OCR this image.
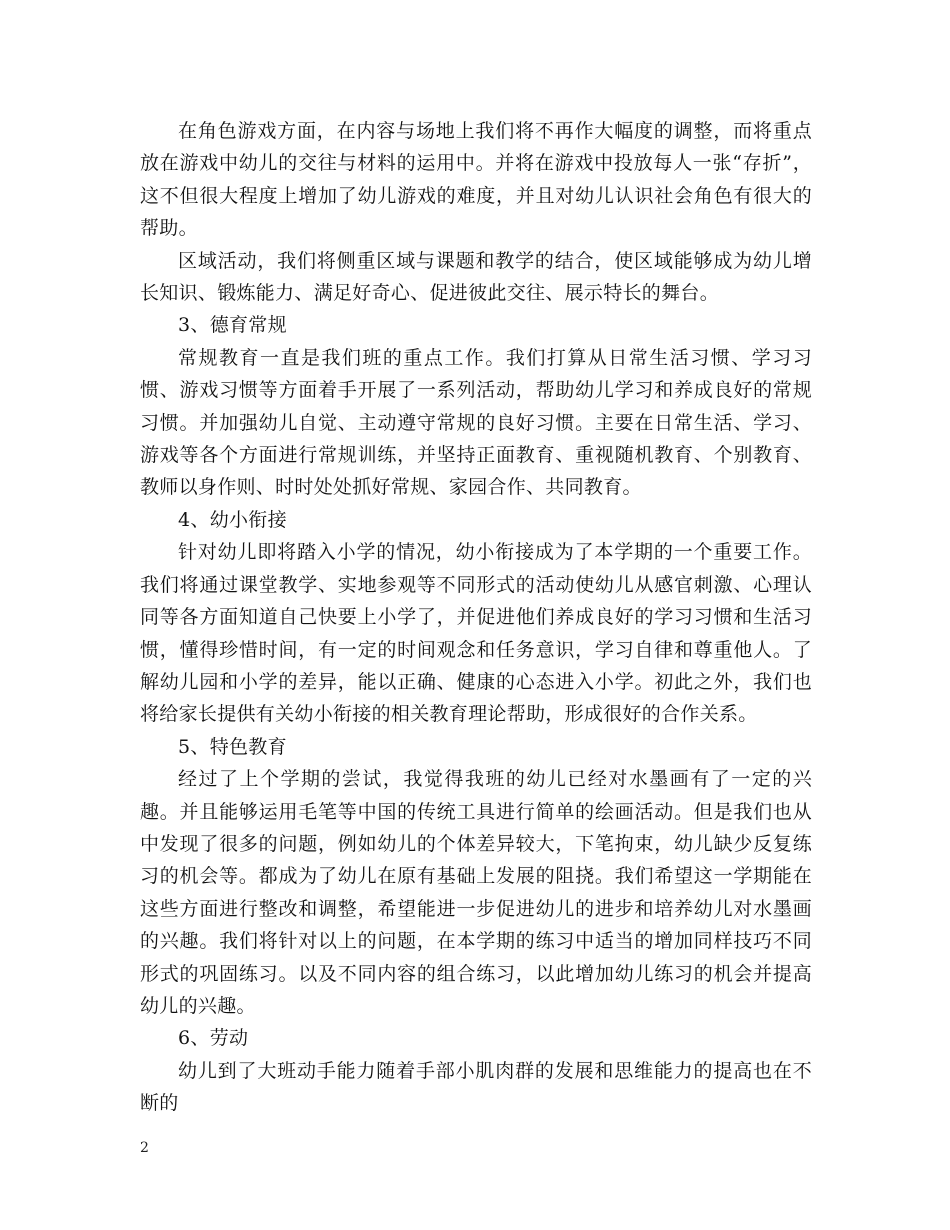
在角色游戏方面，在内容与场地上我们将不再作大幅度的调整，而将重点放在游戏中幼儿的交往与材料的运用中。并将在游戏中投放每人一张“存折”，这不但很大程度上增加了幼儿游戏的难度，并且对幼儿认识社会角色有很大的帮助。

区域活动，我们将侧重区域与课题和教学的结合，使区域能够成为幼儿增长知识、锻炼能力、满足好奇心、促进彼此交往、展示特长的舞台。

3、德育常规

常规教育一直是我们班的重点工作。我们打算从日常生活习惯、学习习惯、游戏习惯等方面着手开展了一系列活动，帮助幼儿学习和养成良好的常规习惯。并加强幼儿自觉、主动遵守常规的良好习惯。主要在日常生活、学习、游戏等各个方面进行常规训练，并坚持正面教育、重视随机教育、个别教育、教师以身作则、时时处处抓好常规、家园合作、共同教育。

4、幼小衔接

针对幼儿即将踏入小学的情况，幼小衔接成为了本学期的一个重要工作。我们将通过课堂教学、实地参观等不同形式的活动使幼儿从感官刺激、心理认同等各方面知道自己快要上小学了，并促进他们养成良好的学习习惯和生活习惯，懂得珍惜时间，有一定的时间观念和任务意识，学习自律和尊重他人。了解幼儿园和小学的差异，能以正确、健康的心态进入小学。初此之外，我们也将给家长提供有关幼小衔接的相关教育理论帮助，形成很好的合作关系。

5、特色教育

经过了上个学期的尝试，我觉得我班的幼儿已经对水墨画有了一定的兴趣。并且能够运用毛笔等中国的传统工具进行简单的绘画活动。但是我们也从中发现了很多的问题，例如幼儿的个体差异较大，下笔拘束，幼儿缺少反复练习的机会等。都成为了幼儿在原有基础上发展的阻挠。我们希望这一学期能在这些方面进行整改和调整，希望能进一步促进幼儿的进步和培养幼儿对水墨画的兴趣。我们将针对以上的问题，在本学期的练习中适当的增加同样技巧不同形式的巩固练习。以及不同内容的组合练习，以此增加幼儿练习的机会并提高幼儿的兴趣。

6、劳动

幼儿到了大班动手能力随着手部小肌肉群的发展和思维能力的提高也在不断的

2
